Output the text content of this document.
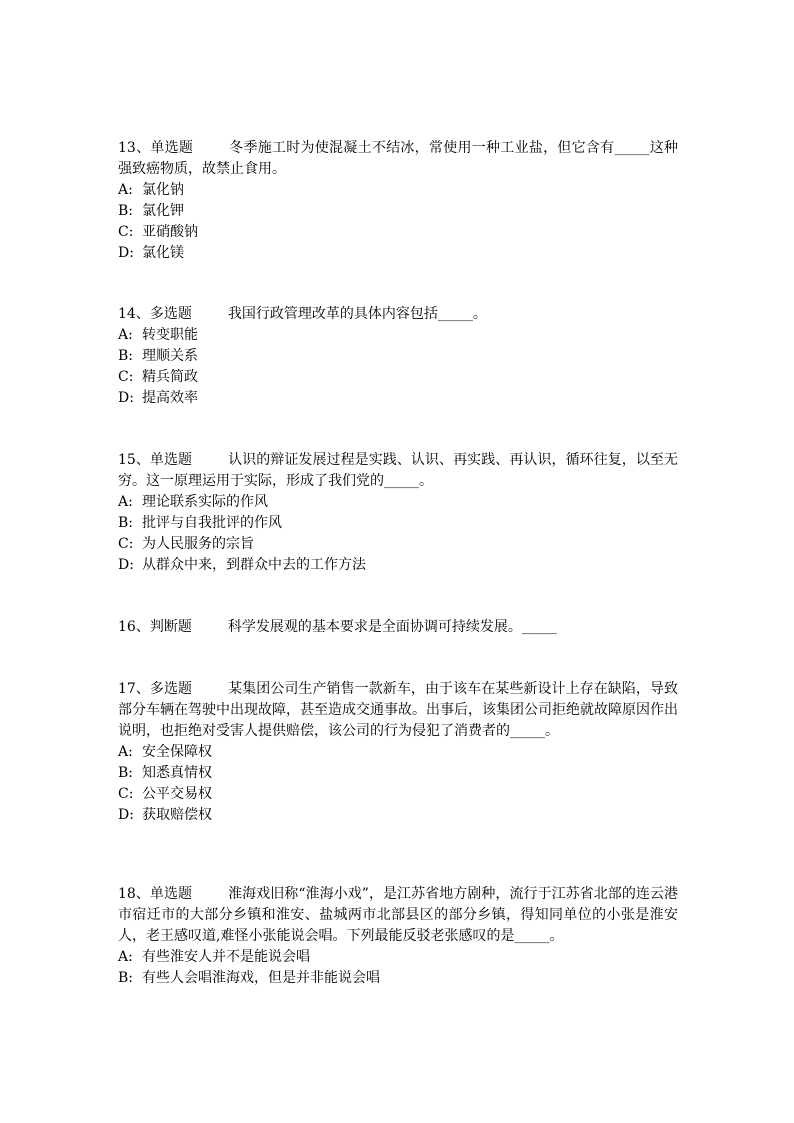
13、单选题	冬季施工时为使混凝土不结冰，常使用一种工业盐，但它含有_____这种强致癌物质，故禁止食用。

A: 氯化钠

B: 氯化钾

C: 亚硝酸钠

D: 氯化镁

14、多选题	我国行政管理改革的具体内容包括_____。

A: 转变职能

B: 理顺关系

C: 精兵简政

D: 提高效率

15、单选题	认识的辩证发展过程是实践、认识、再实践、再认识，循环往复，以至无穷。这一原理运用于实际，形成了我们党的_____。

A: 理论联系实际的作风

B: 批评与自我批评的作风

C: 为人民服务的宗旨

D: 从群众中来，到群众中去的工作方法

16、判断题	科学发展观的基本要求是全面协调可持续发展。_____

17、多选题	某集团公司生产销售一款新车，由于该车在某些新设计上存在缺陷，导致部分车辆在驾驶中出现故障，甚至造成交通事故。出事后，该集团公司拒绝就故障原因作出说明，也拒绝对受害人提供赔偿，该公司的行为侵犯了消费者的_____。

A: 安全保障权

B: 知悉真情权

C: 公平交易权

D: 获取赔偿权

18、单选题	淮海戏旧称“淮海小戏”，是江苏省地方剧种，流行于江苏省北部的连云港市宿迁市的大部分乡镇和淮安、盐城两市北部县区的部分乡镇，得知同单位的小张是淮安人，老王感叹道,难怪小张能说会唱。下列最能反驳老张感叹的是_____。

A: 有些淮安人并不是能说会唱

B: 有些人会唱淮海戏，但是并非能说会唱
